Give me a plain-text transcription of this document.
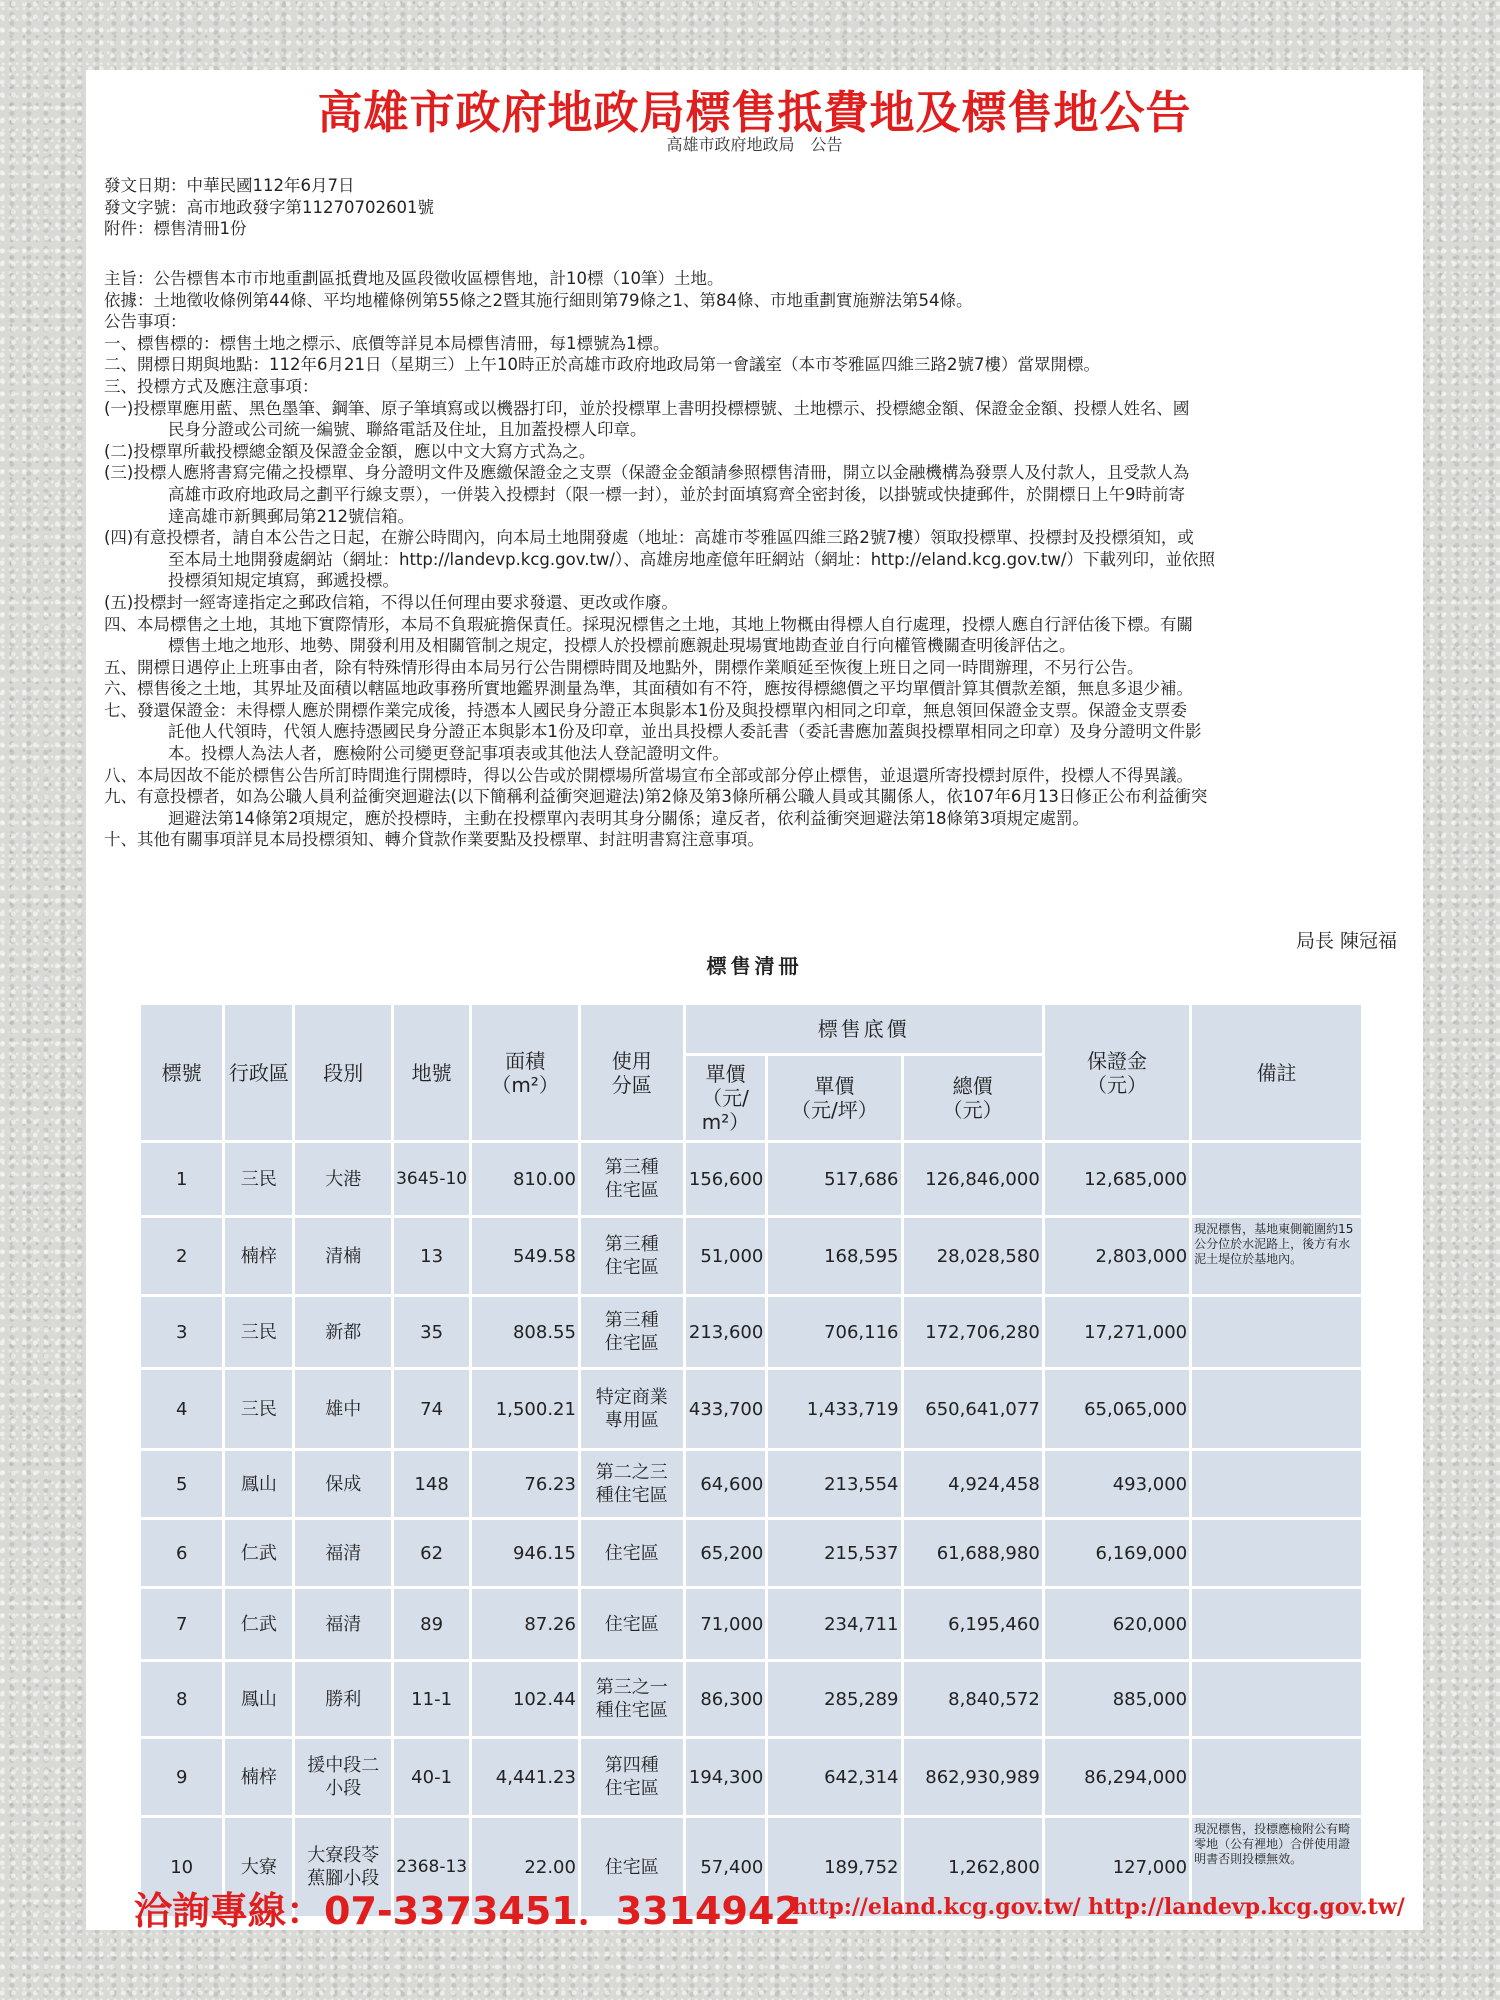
高雄市政府地政局標售抵費地及標售地公告
高雄市政府地政局　公告
發文日期：中華民國112年6月7日
發文字號：高市地政發字第11270702601號
附件：標售清冊1份

主旨：公告標售本市市地重劃區抵費地及區段徵收區標售地，計10標（10筆）土地。

依據：土地徵收條例第44條、平均地權條例第55條之2暨其施行細則第79條之1、第84條、市地重劃實施辦法第54條。

公告事項：

一、標售標的：標售土地之標示、底價等詳見本局標售清冊，每1標號為1標。

二、開標日期與地點：112年6月21日（星期三）上午10時正於高雄市政府地政局第一會議室（本市苓雅區四維三路2號7樓）當眾開標。

三、投標方式及應注意事項：

(一)投標單應用藍、黑色墨筆、鋼筆、原子筆填寫或以機器打印，並於投標單上書明投標標號、土地標示、投標總金額、保證金金額、投標人姓名、國

民身分證或公司統一編號、聯絡電話及住址，且加蓋投標人印章。

(二)投標單所載投標總金額及保證金金額，應以中文大寫方式為之。

(三)投標人應將書寫完備之投標單、身分證明文件及應繳保證金之支票（保證金金額請參照標售清冊，開立以金融機構為發票人及付款人，且受款人為

高雄市政府地政局之劃平行線支票），一併裝入投標封（限一標一封），並於封面填寫齊全密封後，以掛號或快捷郵件，於開標日上午9時前寄

達高雄市新興郵局第212號信箱。

(四)有意投標者，請自本公告之日起，在辦公時間內，向本局土地開發處（地址：高雄市苓雅區四維三路2號7樓）領取投標單、投標封及投標須知，或

至本局土地開發處網站（網址：http://landevp.kcg.gov.tw/）、高雄房地產億年旺網站（網址：http://eland.kcg.gov.tw/）下載列印，並依照

投標須知規定填寫，郵遞投標。

(五)投標封一經寄達指定之郵政信箱，不得以任何理由要求發還、更改或作廢。

四、本局標售之土地，其地下實際情形，本局不負瑕疵擔保責任。採現況標售之土地，其地上物概由得標人自行處理，投標人應自行評估後下標。有關

標售土地之地形、地勢、開發利用及相關管制之規定，投標人於投標前應親赴現場實地勘查並自行向權管機關查明後評估之。

五、開標日遇停止上班事由者，除有特殊情形得由本局另行公告開標時間及地點外，開標作業順延至恢復上班日之同一時間辦理，不另行公告。

六、標售後之土地，其界址及面積以轄區地政事務所實地鑑界測量為準，其面積如有不符，應按得標總價之平均單價計算其價款差額，無息多退少補。

七、發還保證金：未得標人應於開標作業完成後，持憑本人國民身分證正本與影本1份及與投標單內相同之印章，無息領回保證金支票。保證金支票委

託他人代領時，代領人應持憑國民身分證正本與影本1份及印章，並出具投標人委託書（委託書應加蓋與投標單相同之印章）及身分證明文件影

本。投標人為法人者，應檢附公司變更登記事項表或其他法人登記證明文件。

八、本局因故不能於標售公告所訂時間進行開標時，得以公告或於開標場所當場宣布全部或部分停止標售，並退還所寄投標封原件，投標人不得異議。

九、有意投標者，如為公職人員利益衝突迴避法(以下簡稱利益衝突迴避法)第2條及第3條所稱公職人員或其關係人，依107年6月13日修正公布利益衝突

迴避法第14條第2項規定，應於投標時，主動在投標單內表明其身分關係；違反者，依利益衝突迴避法第18條第3項規定處罰。

十、其他有關事項詳見本局投標須知、轉介貸款作業要點及投標單、封註明書寫注意事項。

局長 陳冠福
標售清冊
標號	行政區	段別	地號	面積
（m²）	使用
分區	標售底價			保證金
（元）	備註
						單價
（元/
m²）	單價
（元/坪）	總價
（元）		
1	三民	大港	3645-10	810.00	第三種
住宅區	156,600	517,686	126,846,000	12,685,000	
2	楠梓	清楠	13	549.58	第三種
住宅區	51,000	168,595	28,028,580	2,803,000	現況標售，基地東側範圍約15公分位於水泥路上，後方有水泥土堤位於基地內。
3	三民	新都	35	808.55	第三種
住宅區	213,600	706,116	172,706,280	17,271,000	
4	三民	雄中	74	1,500.21	特定商業
專用區	433,700	1,433,719	650,641,077	65,065,000	
5	鳳山	保成	148	76.23	第二之三
種住宅區	64,600	213,554	4,924,458	493,000	
6	仁武	福清	62	946.15	住宅區	65,200	215,537	61,688,980	6,169,000	
7	仁武	福清	89	87.26	住宅區	71,000	234,711	6,195,460	620,000	
8	鳳山	勝利	11-1	102.44	第三之一
種住宅區	86,300	285,289	8,840,572	885,000	
9	楠梓	援中段二
小段	40-1	4,441.23	第四種
住宅區	194,300	642,314	862,930,989	86,294,000	
10	大寮	大寮段苓
蕉腳小段	2368-13	22.00	住宅區	57,400	189,752	1,262,800	127,000	現況標售，投標應檢附公有畸零地（公有裡地）合併使用證明書否則投標無效。
洽詢專線：07-3373451．3314942
http://eland.kcg.gov.tw/ http://landevp.kcg.gov.tw/
